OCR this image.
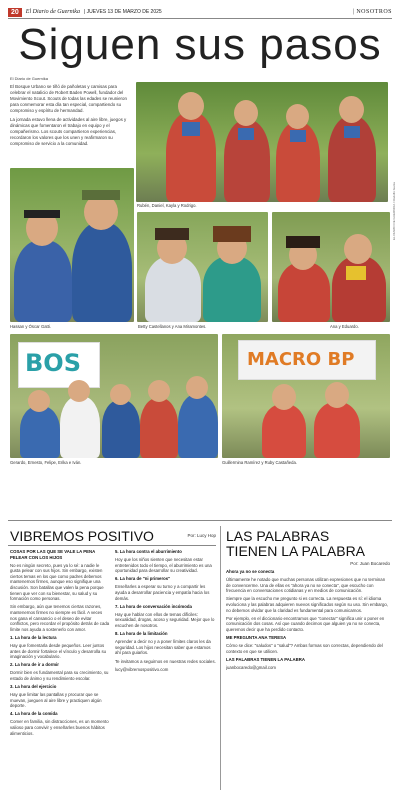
20	El Diario de Guernika | JUEVES 13 DE MARZO DE 2025	| NOSOTROS
Siguen sus pasos
El Diario de Guernika

El Bosque Urbano se tiñó de pañoletas y camisas para celebrar el natalicio de Robert Baden Powell, fundador del Movimiento Scout. Scouts de todas las edades se reunieron para conmemorar esta día tan especial, compartiendo su compromiso y espíritu de hermandad.

La jornada estuvo llena de actividades al aire libre, juegos y dinámicas que fomentaron el trabajo en equipo y el compañerismo. Los scouts compartieron experiencias, recordaron los valores que los unen y reafirmaron su compromiso de servicio a la comunidad.

Rubén, Daniel, Kayla y Rodrigo.	EL DIARIO DE GUERNIKA / Rodolfo Garza
Hassan y Óscar Gatti.	Betty Castellanos y Ana Miramontes.	Ana y Eduardo.
BOS
Gerardo, Ernesto, Felipe, Erika e Iván.
MACRO BP
Guillermina Ramírez y Ruby Castañeda.
VIBREMOS POSITIVO	Por: Lucy Hop

COSAS POR LAS QUE SE VALE LA PENA PELEAR CON LOS HIJOS

No es ningún secreto, pues ya lo sé: a nadie le gusta pelear con sus hijos. Sin embargo, existen ciertos temas en los que como padres debemos mantenernos firmes, aunque eso signifique una discusión. Son batallas que valen la pena porque tienen que ver con su bienestar, su salud y su formación como personas.

Sin embargo, aún que tenemos ciertas razones, mantenernos firmes no siempre es fácil. A veces nos gana el cansancio o el deseo de evitar conflictos, pero recordar el propósito detrás de cada límite nos ayuda a sostenerlo con amor.

1. La hora de la lectura

Hay que fomentarla desde pequeños. Leer juntos antes de dormir fortalece el vínculo y desarrolla su imaginación y vocabulario.

2. La hora de ir a dormir

Dormir bien es fundamental para su crecimiento, su estado de ánimo y su rendimiento escolar.

3. La hora del ejercicio

Hay que limitar las pantallas y procurar que se muevan, jueguen al aire libre y practiquen algún deporte.

4. La hora de la comida

Comer en familia, sin distracciones, es un momento valioso para convivir y enseñarles buenos hábitos alimenticios.

5. La hora contra el aburrimiento

Hoy que los niños sienten que necesitan estar entretenidos todo el tiempo, el aburrimiento es una oportunidad para desarrollar su creatividad.

6. La hora de "ni primeros"

Enseñarles a esperar su turno y a compartir les ayuda a desarrollar paciencia y empatía hacia los demás.

7. La hora de conversación incómoda

Hay que hablar con ellos de temas difíciles: sexualidad, drogas, acoso y seguridad. Mejor que lo escuchen de nosotros.

8. La hora de la limitación

Aprender a decir no y a poner límites claros les da seguridad. Los hijos necesitan saber que estamos ahí para guiarlos.

Te invitamos a seguirnos en nuestras redes sociales.

lucy@vibremospositivo.com

LAS PALABRAS
TIENEN LA PALABRA
Por: Juan Bocaredo

Ahora ya no se conecta

Últimamente he notado que muchas personas utilizan expresiones que no terminan de convencerme. Una de ellas es "ahora ya no se conecta", que escucho con frecuencia en conversaciones cotidianas y en medios de comunicación.

Siempre que la escucho me pregunto si es correcta. La respuesta es sí: el idioma evoluciona y las palabras adquieren nuevos significados según su uso. Sin embargo, no debemos olvidar que la claridad es fundamental para comunicarnos.

Por ejemplo, en el diccionario encontramos que "conectar" significa unir o poner en comunicación dos cosas. Así que cuando decimos que alguien ya no se conecta, queremos decir que ha perdido contacto.

ME PREGUNTA ANA TERESA

Cómo se dice: "saludos" o "salud"? Ambas formas son correctas, dependiendo del contexto en que se utilicen.

LAS PALABRAS TIENEN LA PALABRA

juanbocaredo@gmail.com
